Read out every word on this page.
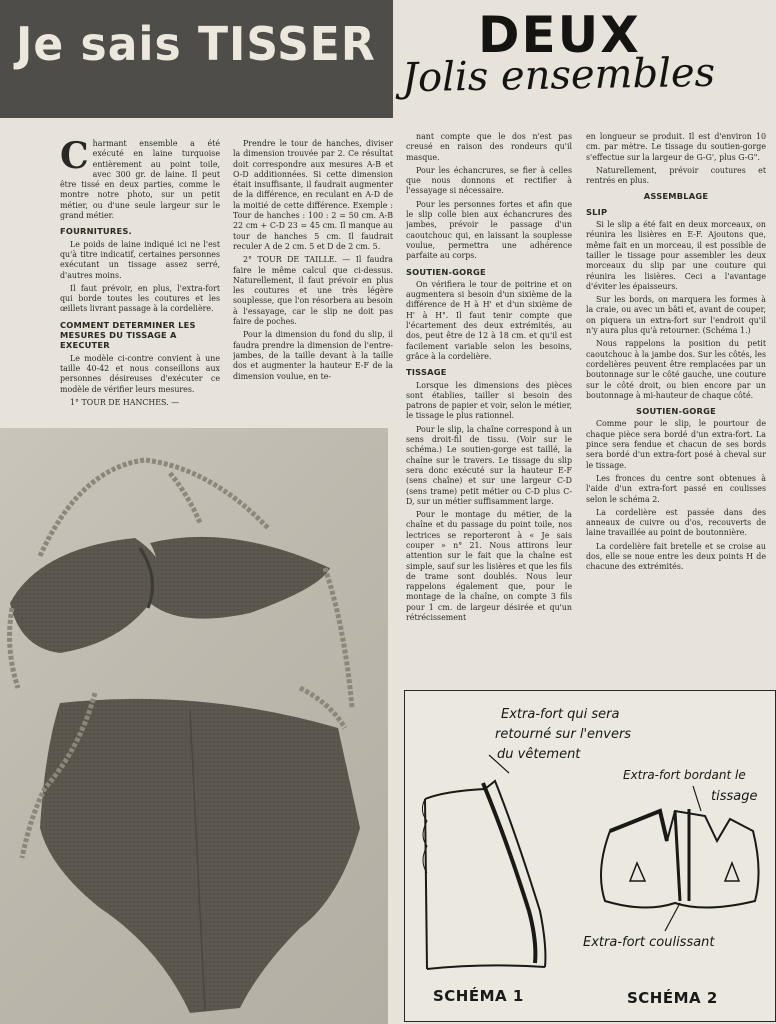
Je sais TISSER DEUX
Jolis ensembles

Charmant ensemble a été exécuté en laine turquoise entièrement au point toile, avec 300 gr. de laine. Il peut être tissé en deux parties, comme le montre notre photo, sur un petit métier, ou d'une seule largeur sur le grand métier.

FOURNITURES.

Le poids de laine indiqué ici ne l'est qu'à titre indicatif, certaines personnes exécutant un tissage assez serré, d'autres moins.

Il faut prévoir, en plus, l'extra-fort qui borde toutes les coutures et les œillets livrant passage à la cordelière.

COMMENT DETERMINER LES MESURES DU TISSAGE A EXECUTER

Le modèle ci-contre convient à une taille 40-42 et nous conseillons aux personnes désireuses d'exécuter ce modèle de vérifier leurs mesures.

1° TOUR DE HANCHES. —

Prendre le tour de hanches, diviser la dimension trouvée par 2. Ce résultat doit correspondre aux mesures A-B et O-D additionnées. Si cette dimension était insuffisante, il faudrait augmenter de la différence, en reculant en A-D de la moitié de cette différence. Exemple : Tour de hanches : 100 : 2 = 50 cm. A-B 22 cm + C-D 23 = 45 cm. Il manque au tour de hanches 5 cm. Il faudrait reculer A de 2 cm. 5 et D de 2 cm. 5.

2° TOUR DE TAILLE. — Il faudra faire le même calcul que ci-dessus. Naturellement, il faut prévoir en plus les coutures et une très légère souplesse, que l'on résorbera au besoin à l'essayage, car le slip ne doit pas faire de poches.

Pour la dimension du fond du slip, il faudra prendre la dimension de l'entre-jambes, de la taille devant à la taille dos et augmenter la hauteur E-F de la dimension voulue, en te-

nant compte que le dos n'est pas creusé en raison des rondeurs qu'il masque.

Pour les échancrures, se fier à celles que nous donnons et rectifier à l'essayage si nécessaire.

Pour les personnes fortes et afin que le slip colle bien aux échancrures des jambes, prévoir le passage d'un caoutchouc qui, en laissant la souplesse voulue, permettra une adhérence parfaite au corps.

SOUTIEN-GORGE

On vérifiera le tour de poitrine et on augmentera si besoin d'un sixième de la différence de H à H' et d'un sixième de H' à H". Il faut tenir compte que l'écartement des deux extrémités, au dos, peut être de 12 à 18 cm. et qu'il est facilement variable selon les besoins, grâce à la cordelière.

TISSAGE

Lorsque les dimensions des pièces sont établies, tailler si besoin des patrons de papier et voir, selon le métier, le tissage le plus rationnel.

Pour le slip, la chaîne correspond à un sens droit-fil de tissu. (Voir sur le schéma.) Le soutien-gorge est taillé, la chaîne sur le travers. Le tissage du slip sera donc exécuté sur la hauteur E-F (sens chaîne) et sur une largeur C-D (sens trame) petit métier ou C-D plus C-D, sur un métier suffisamment large.

Pour le montage du métier, de la chaîne et du passage du point toile, nos lectrices se reporteront à « Je sais couper » n° 21. Nous attirons leur attention sur le fait que la chaîne est simple, sauf sur les lisières et que les fils de trame sont doublés. Nous leur rappelons également que, pour le montage de la chaîne, on compte 3 fils pour 1 cm. de largeur désirée et qu'un rétrécissement

en longueur se produit. Il est d'environ 10 cm. par mètre. Le tissage du soutien-gorge s'effectue sur la largeur de G-G', plus G-G".

Naturellement, prévoir coutures et rentrés en plus.

ASSEMBLAGE
SLIP

Si le slip a été fait en deux morceaux, on réunira les lisières en E-F. Ajoutons que, même fait en un morceau, il est possible de tailler le tissage pour assembler les deux morceaux du slip par une couture qui réunira les lisières. Ceci a l'avantage d'éviter les épaisseurs.

Sur les bords, on marquera les formes à la craie, ou avec un bâti et, avant de couper, on piquera un extra-fort sur l'endroit qu'il n'y aura plus qu'à retourner. (Schéma 1.)

Nous rappelons la position du petit caoutchouc à la jambe dos. Sur les côtés, les cordelières peuvent être remplacées par un boutonnage sur le côté gauche, une couture sur le côté droit, ou bien encore par un boutonnage à mi-hauteur de chaque côté.

SOUTIEN-GORGE

Comme pour le slip, le pourtour de chaque pièce sera bordé d'un extra-fort. La pince sera fendue et chacun de ses bords sera bordé d'un extra-fort posé à cheval sur le tissage.

Les fronces du centre sont obtenues à l'aide d'un extra-fort passé en coulisses selon le schéma 2.

La cordelière est passée dans des anneaux de cuivre ou d'os, recouverts de laine travaillée au point de boutonnière.

La cordelière fait bretelle et se croise au dos, elle se noue entre les deux points H de chacune des extrémités.

Extra-fort qui sera
retourné sur l'envers
du vêtement
Extra-fort bordant le
tissage
Extra-fort coulissant
SCHÉMA 1	SCHÉMA 2
